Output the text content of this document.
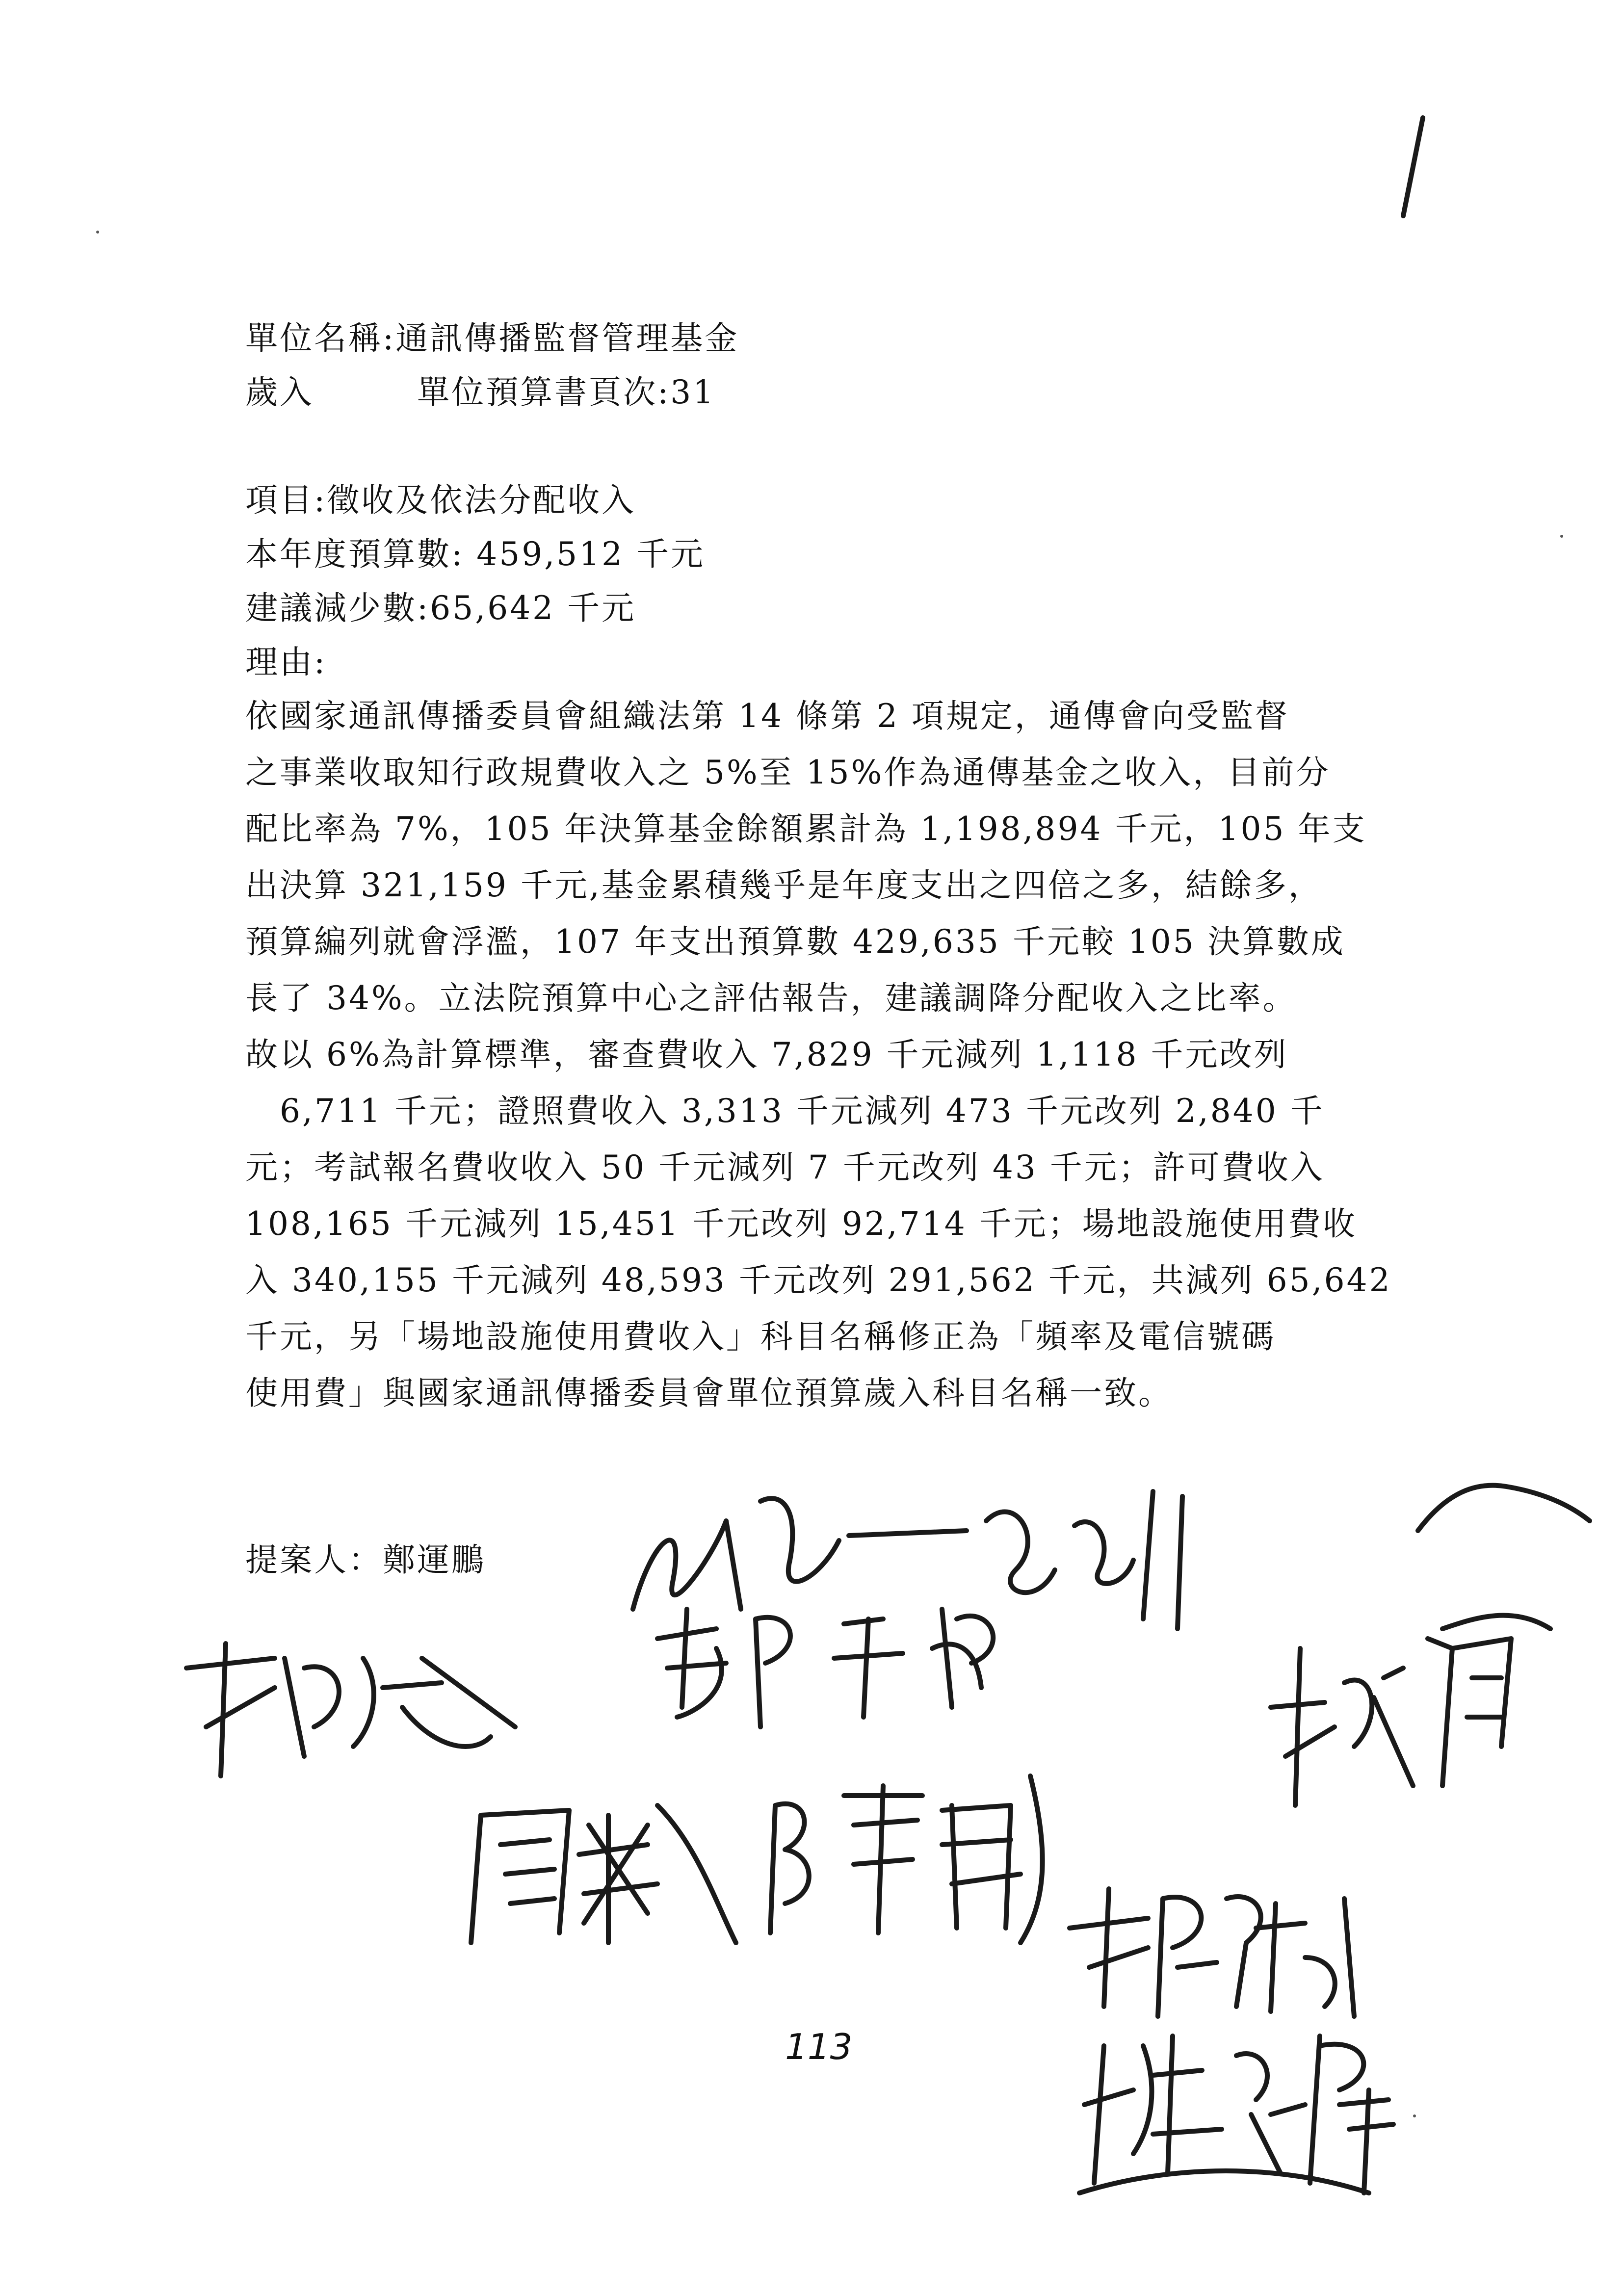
單位名稱:通訊傳播監督管理基金
歲入　　　單位預算書頁次:31
項目:徵收及依法分配收入
本年度預算數: 459,512 千元
建議減少數:65,642 千元
理由:
依國家通訊傳播委員會組織法第 14 條第 2 項規定，通傳會向受監督
之事業收取知行政規費收入之 5%至 15%作為通傳基金之收入，目前分
配比率為 7%，105 年決算基金餘額累計為 1,198,894 千元，105 年支
出決算 321,159 千元,基金累積幾乎是年度支出之四倍之多，結餘多，
預算編列就會浮濫，107 年支出預算數 429,635 千元較 105 決算數成
長了 34%。立法院預算中心之評估報告，建議調降分配收入之比率。
故以 6%為計算標準，審查費收入 7,829 千元減列 1,118 千元改列
　6,711 千元；證照費收入 3,313 千元減列 473 千元改列 2,840 千
元；考試報名費收收入 50 千元減列 7 千元改列 43 千元；許可費收入
108,165 千元減列 15,451 千元改列 92,714 千元；場地設施使用費收
入 340,155 千元減列 48,593 千元改列 291,562 千元，共減列 65,642
千元，另「場地設施使用費收入」科目名稱修正為「頻率及電信號碼
使用費」與國家通訊傳播委員會單位預算歲入科目名稱一致。
提案人：鄭運鵬
113
